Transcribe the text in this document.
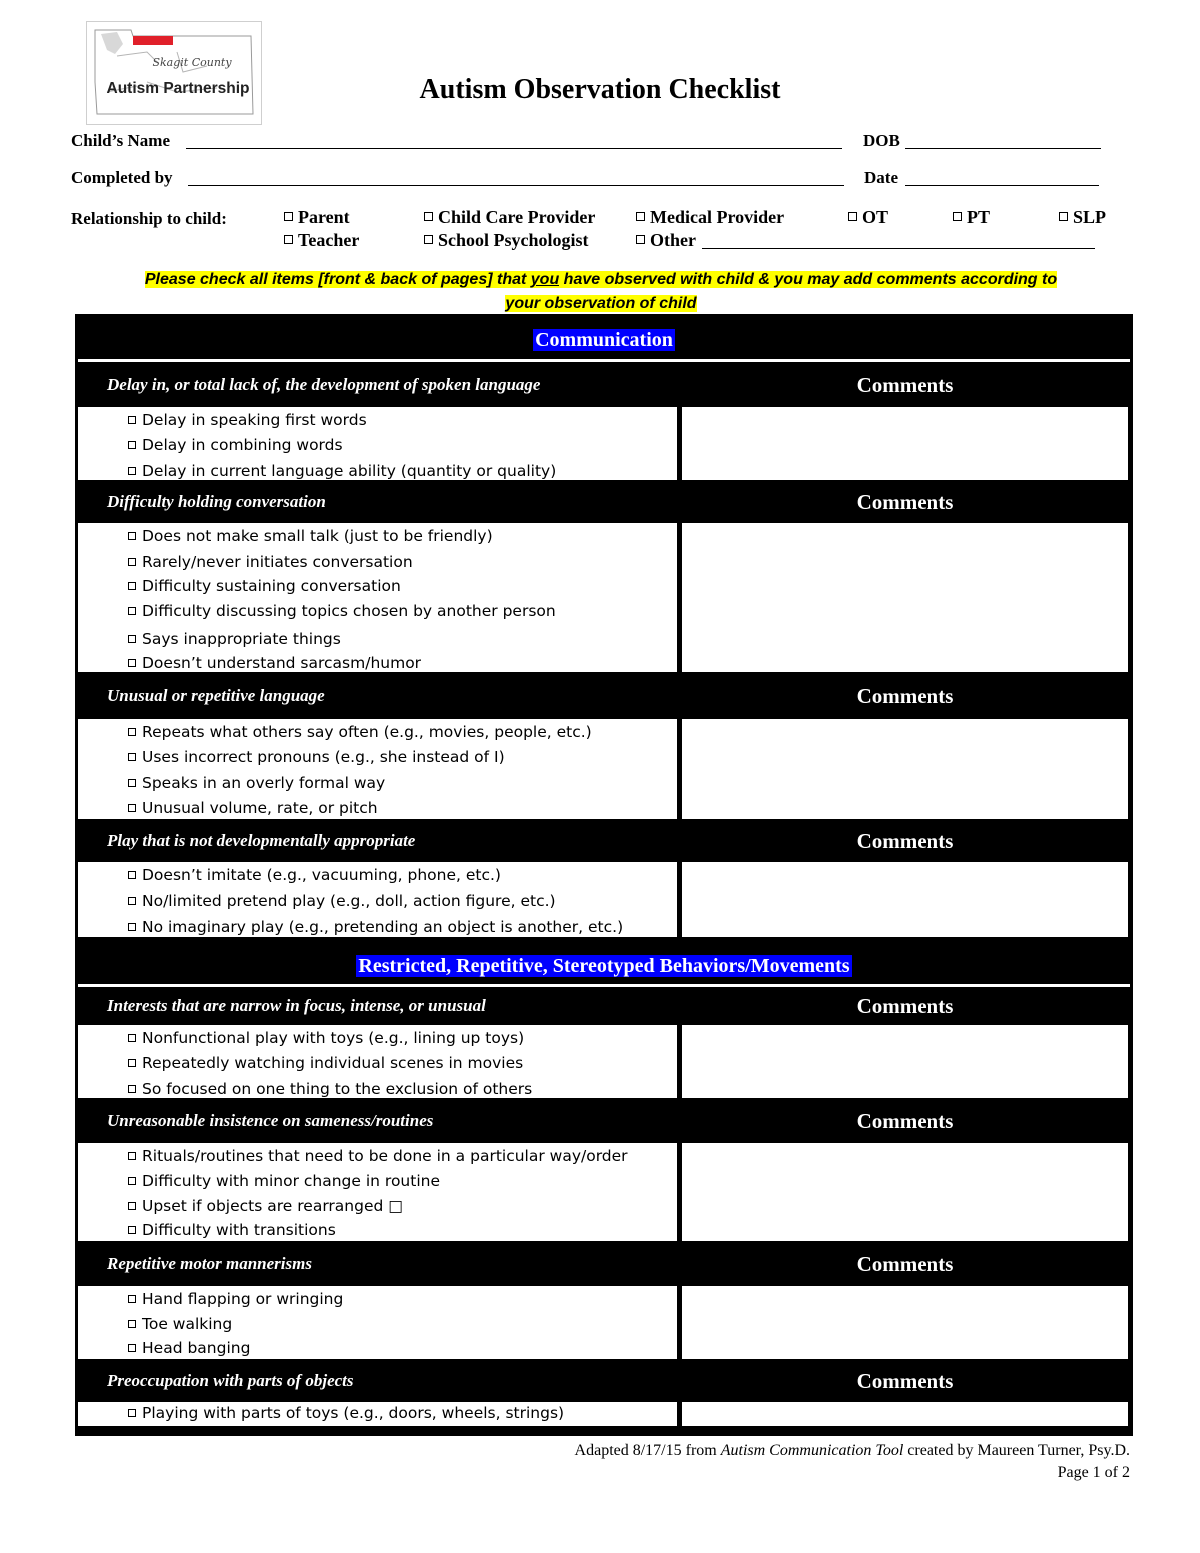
Skagit County
Autism Partnership	Autism Observation Checklist
Child’s Name	DOB
Completed by	Date
Relationship to child:	Parent	Child Care Provider	Medical Provider	OT	PT	SLP
Teacher	School Psychologist	Other
Please check all items [front & back of pages] that you have observed with child & you may add comments according to
your observation of child
Communication
Delay in, or total lack of, the development of spoken language	Comments
Delay in speaking first words
Delay in combining words
Delay in current language ability (quantity or quality)
Difficulty holding conversation	Comments
Does not make small talk (just to be friendly)
Rarely/never initiates conversation
Difficulty sustaining conversation
Difficulty discussing topics chosen by another person
Says inappropriate things
Doesn’t understand sarcasm/humor
Unusual or repetitive language	Comments
Repeats what others say often (e.g., movies, people, etc.)
Uses incorrect pronouns (e.g., she instead of I)
Speaks in an overly formal way
Unusual volume, rate, or pitch
Play that is not developmentally appropriate	Comments
Doesn’t imitate (e.g., vacuuming, phone, etc.)
No/limited pretend play (e.g., doll, action figure, etc.)
No imaginary play (e.g., pretending an object is another, etc.)
Restricted, Repetitive, Stereotyped Behaviors/Movements
Interests that are narrow in focus, intense, or unusual	Comments
Nonfunctional play with toys (e.g., lining up toys)
Repeatedly watching individual scenes in movies
So focused on one thing to the exclusion of others
Unreasonable insistence on sameness/routines	Comments
Rituals/routines that need to be done in a particular way/order
Difficulty with minor change in routine
Upset if objects are rearranged □
Difficulty with transitions
Repetitive motor mannerisms	Comments
Hand flapping or wringing
Toe walking
Head banging
Preoccupation with parts of objects	Comments
Playing with parts of toys (e.g., doors, wheels, strings)
Adapted 8/17/15 from Autism Communication Tool created by Maureen Turner, Psy.D.
Page 1 of 2
